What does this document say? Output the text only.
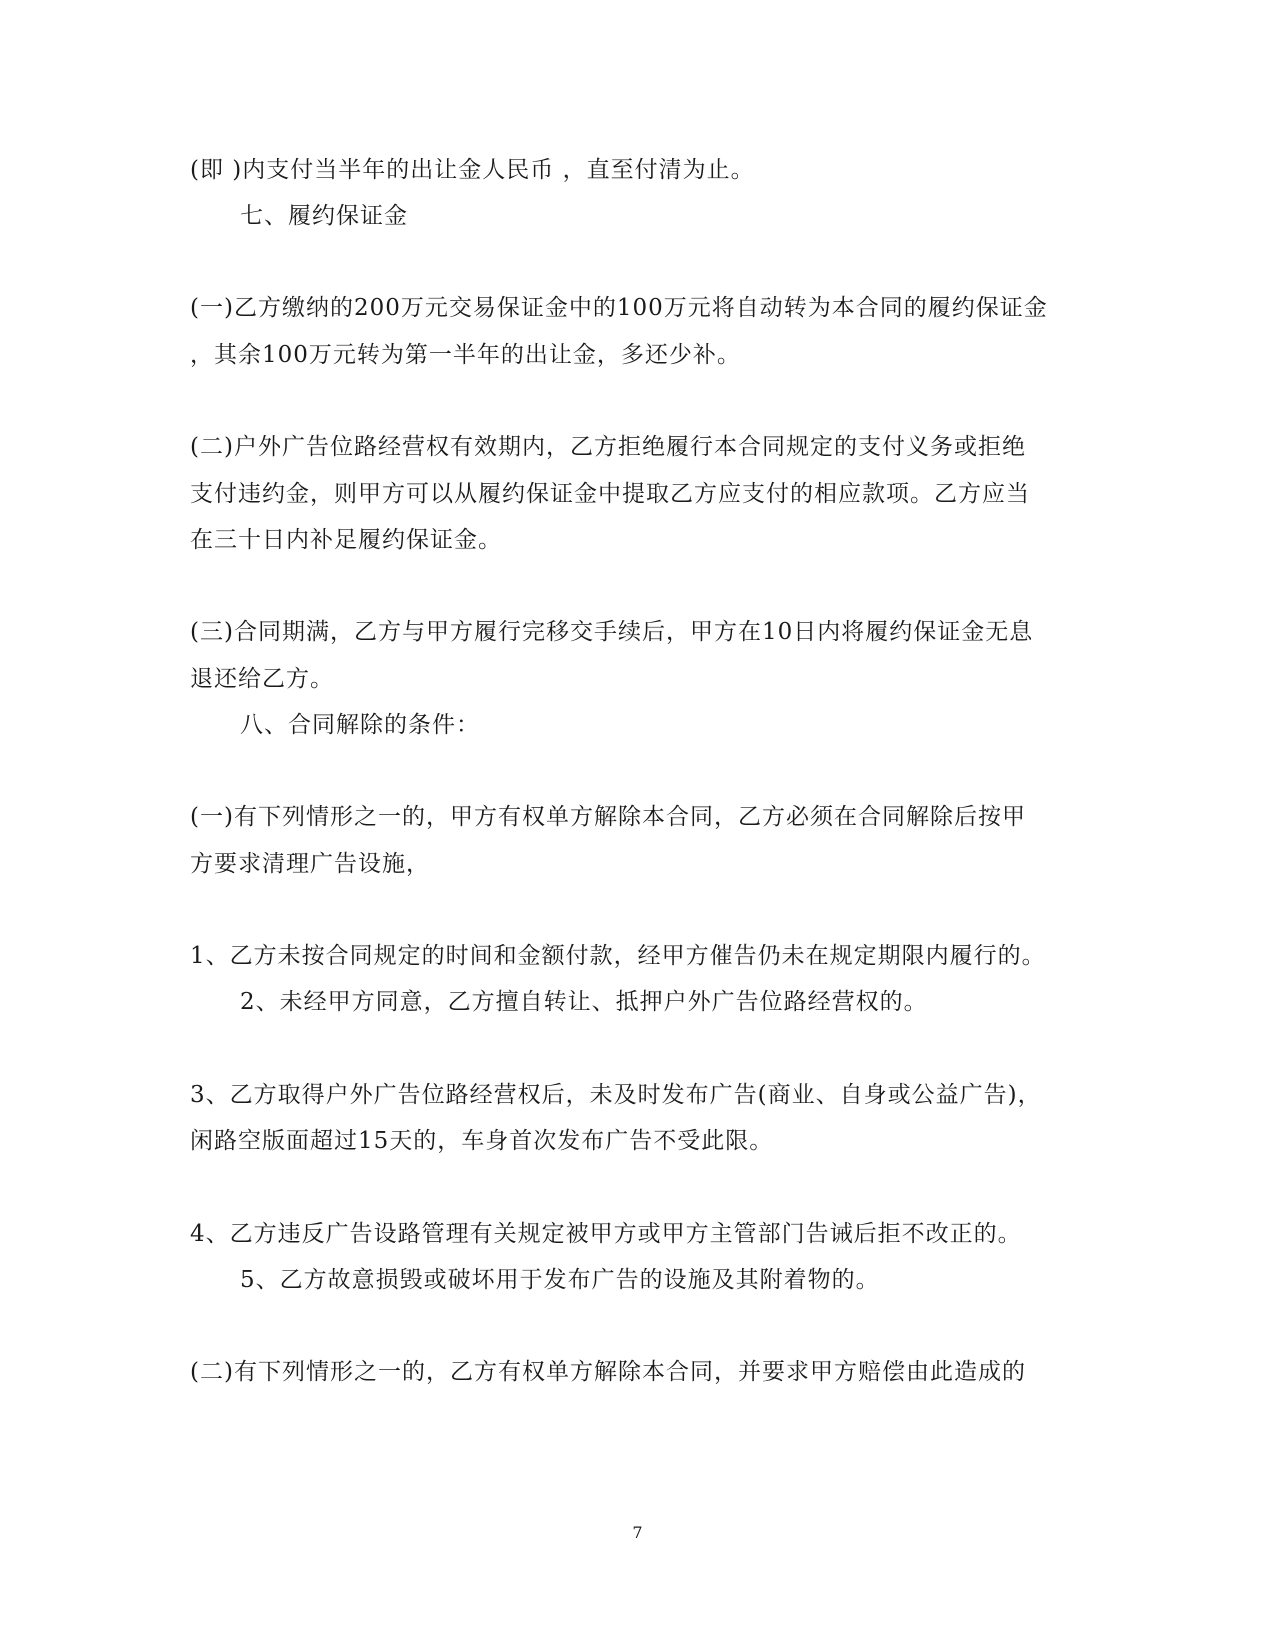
(即 )内支付当半年的出让金人民币 ，直至付清为止。
七、履约保证金
(一)乙方缴纳的200万元交易保证金中的100万元将自动转为本合同的履约保证金
，其余100万元转为第一半年的出让金，多还少补。
(二)户外广告位路经营权有效期内，乙方拒绝履行本合同规定的支付义务或拒绝
支付违约金，则甲方可以从履约保证金中提取乙方应支付的相应款项。乙方应当
在三十日内补足履约保证金。
(三)合同期满，乙方与甲方履行完移交手续后，甲方在10日内将履约保证金无息
退还给乙方。
八、合同解除的条件：
(一)有下列情形之一的，甲方有权单方解除本合同，乙方必须在合同解除后按甲
方要求清理广告设施，
1、乙方未按合同规定的时间和金额付款，经甲方催告仍未在规定期限内履行的。
2、未经甲方同意，乙方擅自转让、抵押户外广告位路经营权的。
3、乙方取得户外广告位路经营权后，未及时发布广告(商业、自身或公益广告)，
闲路空版面超过15天的，车身首次发布广告不受此限。
4、乙方违反广告设路管理有关规定被甲方或甲方主管部门告诫后拒不改正的。
5、乙方故意损毁或破坏用于发布广告的设施及其附着物的。
(二)有下列情形之一的，乙方有权单方解除本合同，并要求甲方赔偿由此造成的
7
